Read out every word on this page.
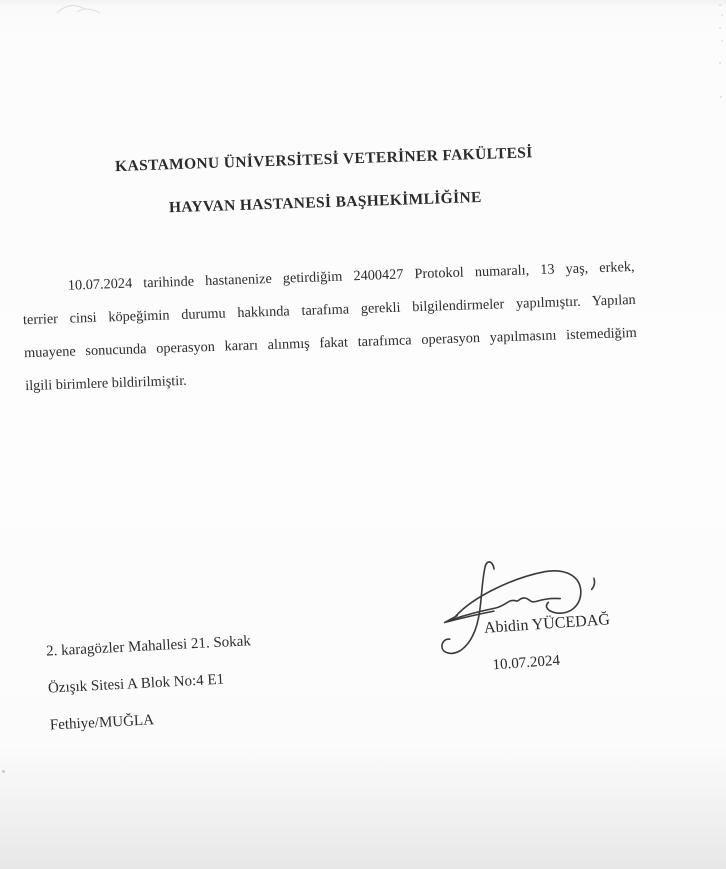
KASTAMONU ÜNİVERSİTESİ VETERİNER FAKÜLTESİ
HAYVAN HASTANESİ BAŞHEKİMLİĞİNE
10.07.2024 tarihinde hastanenize getirdiğim 2400427 Protokol numaralı, 13 yaş, erkek,
terrier cinsi köpeğimin durumu hakkında tarafıma gerekli bilgilendirmeler yapılmıştır. Yapılan
muayene sonucunda operasyon kararı alınmış fakat tarafımca operasyon yapılmasını istemediğim
ilgili birimlere bildirilmiştir.
Abidin YÜCEDAĞ
10.07.2024
2. karagözler Mahallesi 21. Sokak
Özışık Sitesi A Blok No:4 E1
Fethiye/MUĞLA
